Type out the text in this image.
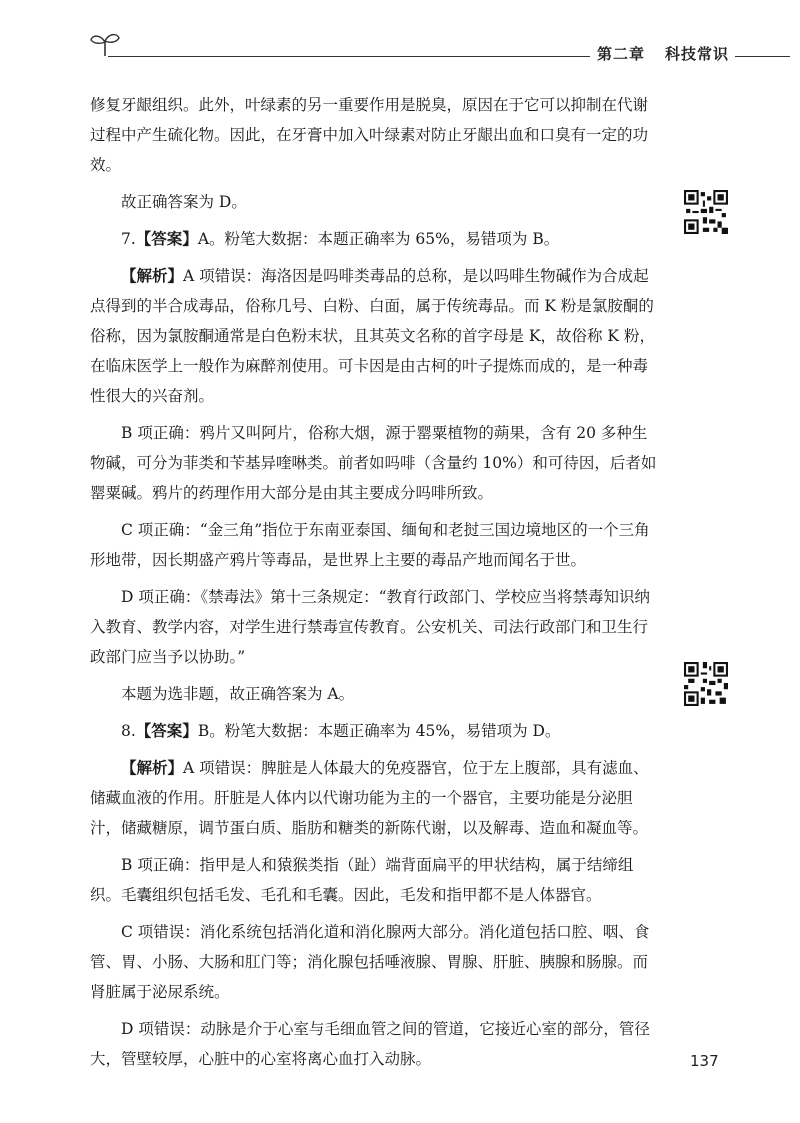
第二章 科技常识

修复牙龈组织。此外，叶绿素的另一重要作用是脱臭，原因在于它可以抑制在代谢过程中产生硫化物。因此，在牙膏中加入叶绿素对防止牙龈出血和口臭有一定的功效。

故正确答案为 D。

7.【答案】A。粉笔大数据：本题正确率为 65%，易错项为 B。

【解析】A 项错误：海洛因是吗啡类毒品的总称，是以吗啡生物碱作为合成起点得到的半合成毒品，俗称几号、白粉、白面，属于传统毒品。而 K 粉是氯胺酮的俗称，因为氯胺酮通常是白色粉末状，且其英文名称的首字母是 K，故俗称 K 粉，在临床医学上一般作为麻醉剂使用。可卡因是由古柯的叶子提炼而成的，是一种毒性很大的兴奋剂。

B 项正确：鸦片又叫阿片，俗称大烟，源于罂粟植物的蒴果，含有 20 多种生物碱，可分为菲类和苄基异喹啉类。前者如吗啡（含量约 10%）和可待因，后者如罂粟碱。鸦片的药理作用大部分是由其主要成分吗啡所致。

C 项正确：“金三角”指位于东南亚泰国、缅甸和老挝三国边境地区的一个三角形地带，因长期盛产鸦片等毒品，是世界上主要的毒品产地而闻名于世。

D 项正确：《禁毒法》第十三条规定：“教育行政部门、学校应当将禁毒知识纳入教育、教学内容，对学生进行禁毒宣传教育。公安机关、司法行政部门和卫生行政部门应当予以协助。”

本题为选非题，故正确答案为 A。

8.【答案】B。粉笔大数据：本题正确率为 45%，易错项为 D。

【解析】A 项错误：脾脏是人体最大的免疫器官，位于左上腹部，具有滤血、储藏血液的作用。肝脏是人体内以代谢功能为主的一个器官，主要功能是分泌胆汁，储藏糖原，调节蛋白质、脂肪和糖类的新陈代谢，以及解毒、造血和凝血等。

B 项正确：指甲是人和猿猴类指（趾）端背面扁平的甲状结构，属于结缔组织。毛囊组织包括毛发、毛孔和毛囊。因此，毛发和指甲都不是人体器官。

C 项错误：消化系统包括消化道和消化腺两大部分。消化道包括口腔、咽、食管、胃、小肠、大肠和肛门等；消化腺包括唾液腺、胃腺、肝脏、胰腺和肠腺。而肾脏属于泌尿系统。

D 项错误：动脉是介于心室与毛细血管之间的管道，它接近心室的部分，管径大，管壁较厚，心脏中的心室将离心血打入动脉。	137
